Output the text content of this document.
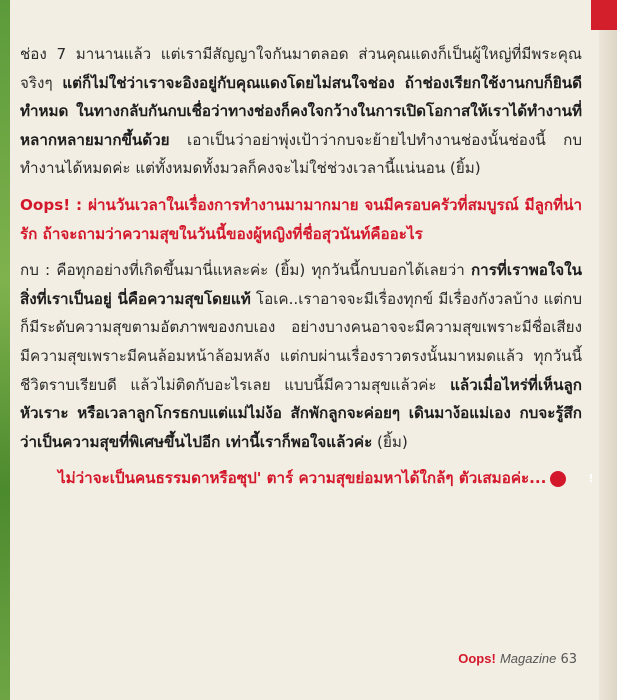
ช่อง 7 มานานแล้ว แต่เรามีสัญญาใจกันมาตลอด ส่วนคุณแดงก็เป็นผู้ใหญ่ที่มีพระคุณจริงๆ แต่ก็ไม่ใช่ว่าเราจะอิงอยู่กับคุณแดงโดยไม่สนใจช่อง ถ้าช่องเรียกใช้งานกบก็ยินดีทำหมด ในทางกลับกันกบเชื่อว่าทางช่องก็คงใจกว้างในการเปิดโอกาสให้เราได้ทำงานที่หลากหลายมากขึ้นด้วย เอาเป็นว่าอย่าพุ่งเป้าว่ากบจะย้ายไปทำงานช่องนั้นช่องนี้ กบทำงานได้หมดค่ะ แต่ทั้งหมดทั้งมวลก็คงจะไม่ใช่ช่วงเวลานี้แน่นอน (ยิ้ม)

Oops! : ผ่านวันเวลาในเรื่องการทำงานมามากมาย จนมีครอบครัวที่สมบูรณ์ มีลูกที่น่ารัก ถ้าจะถามว่าความสุขในวันนี้ของผู้หญิงที่ชื่อสุวนันท์คืออะไร

กบ : คือทุกอย่างที่เกิดขึ้นมานี่แหละค่ะ (ยิ้ม) ทุกวันนี้กบบอกได้เลยว่า การที่เราพอใจในสิ่งที่เราเป็นอยู่ นี่คือความสุขโดยแท้ โอเค..เราอาจจะมีเรื่องทุกข์ มีเรื่องกังวลบ้าง แต่กบก็มีระดับความสุขตามอัตภาพของกบเอง อย่างบางคนอาจจะมีความสุขเพราะมีชื่อเสียง มีความสุขเพราะมีคนล้อมหน้าล้อมหลัง แต่กบผ่านเรื่องราวตรงนั้นมาหมดแล้ว ทุกวันนี้ชีวิตราบเรียบดี แล้วไม่ติดกับอะไรเลย แบบนี้มีความสุขแล้วค่ะ แล้วเมื่อไหร่ที่เห็นลูกหัวเราะ หรือเวลาลูกโกรธกบแต่แม่ไม่ง้อ สักพักลูกจะค่อยๆ เดินมาง้อแม่เอง กบจะรู้สึกว่าเป็นความสุขที่พิเศษขึ้นไปอีก เท่านี้เราก็พอใจแล้วค่ะ (ยิ้ม)

ไม่ว่าจะเป็นคนธรรมดาหรือซุป' ตาร์ ความสุขย่อมหาได้ใกล้ๆ ตัวเสมอค่ะ...	!

Oops! Magazine 63
